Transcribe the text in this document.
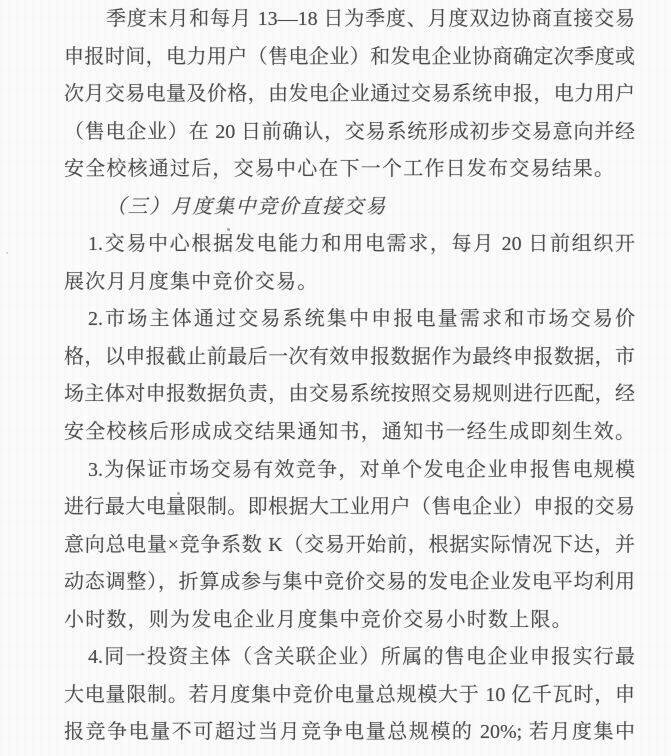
季度末月和每月 13—18 日为季度、月度双边协商直接交易
申报时间，电力用户（售电企业）和发电企业协商确定次季度或
次月交易电量及价格，由发电企业通过交易系统申报，电力用户
（售电企业）在 20 日前确认，交易系统形成初步交易意向并经
安全校核通过后，交易中心在下一个工作日发布交易结果。
（三）月度集中竞价直接交易
1.交易中心根据发电能力和用电需求，每月 20 日前组织开
展次月月度集中竞价交易。
2.市场主体通过交易系统集中申报电量需求和市场交易价
格，以申报截止前最后一次有效申报数据作为最终申报数据，市
场主体对申报数据负责，由交易系统按照交易规则进行匹配，经
安全校核后形成成交结果通知书，通知书一经生成即刻生效。
3.为保证市场交易有效竞争，对单个发电企业申报售电规模
进行最大电量限制。即根据大工业用户（售电企业）申报的交易
意向总电量×竞争系数 K（交易开始前，根据实际情况下达，并
动态调整），折算成参与集中竞价交易的发电企业发电平均利用
小时数，则为发电企业月度集中竞价交易小时数上限。
4.同一投资主体（含关联企业）所属的售电企业申报实行最
大电量限制。若月度集中竞价电量总规模大于 10 亿千瓦时，申
报竞争电量不可超过当月竞争电量总规模的 20%; 若月度集中
